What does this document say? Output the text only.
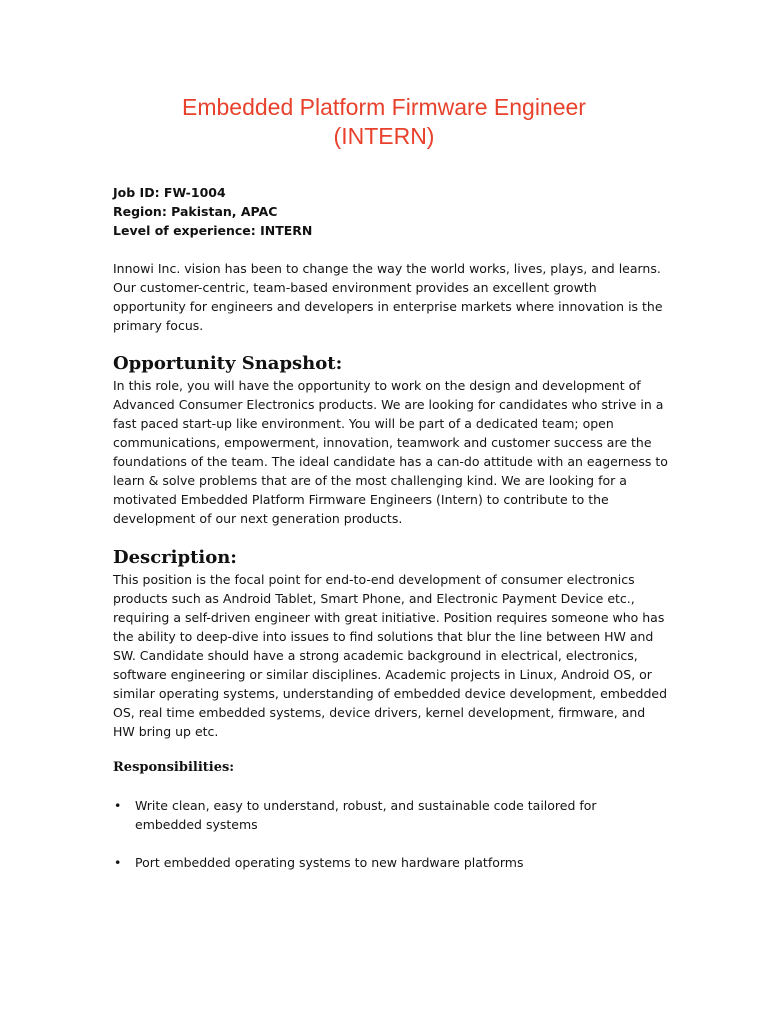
Embedded Platform Firmware Engineer
(INTERN)
Job ID: FW-1004
Region: Pakistan, APAC
Level of experience: INTERN

Innowi Inc. vision has been to change the way the world works, lives, plays, and learns.
Our customer-centric, team-based environment provides an excellent growth
opportunity for engineers and developers in enterprise markets where innovation is the
primary focus.

Opportunity Snapshot:

In this role, you will have the opportunity to work on the design and development of
Advanced Consumer Electronics products. We are looking for candidates who strive in a
fast paced start-up like environment. You will be part of a dedicated team; open
communications, empowerment, innovation, teamwork and customer success are the
foundations of the team. The ideal candidate has a can-do attitude with an eagerness to
learn & solve problems that are of the most challenging kind. We are looking for a
motivated Embedded Platform Firmware Engineers (Intern) to contribute to the
development of our next generation products.

Description:

This position is the focal point for end-to-end development of consumer electronics
products such as Android Tablet, Smart Phone, and Electronic Payment Device etc.,
requiring a self-driven engineer with great initiative. Position requires someone who has
the ability to deep-dive into issues to find solutions that blur the line between HW and
SW. Candidate should have a strong academic background in electrical, electronics,
software engineering or similar disciplines. Academic projects in Linux, Android OS, or
similar operating systems, understanding of embedded device development, embedded
OS, real time embedded systems, device drivers, kernel development, firmware, and
HW bring up etc.

Responsibilities:
• Write clean, easy to understand, robust, and sustainable code tailored for
embedded systems
• Port embedded operating systems to new hardware platforms
